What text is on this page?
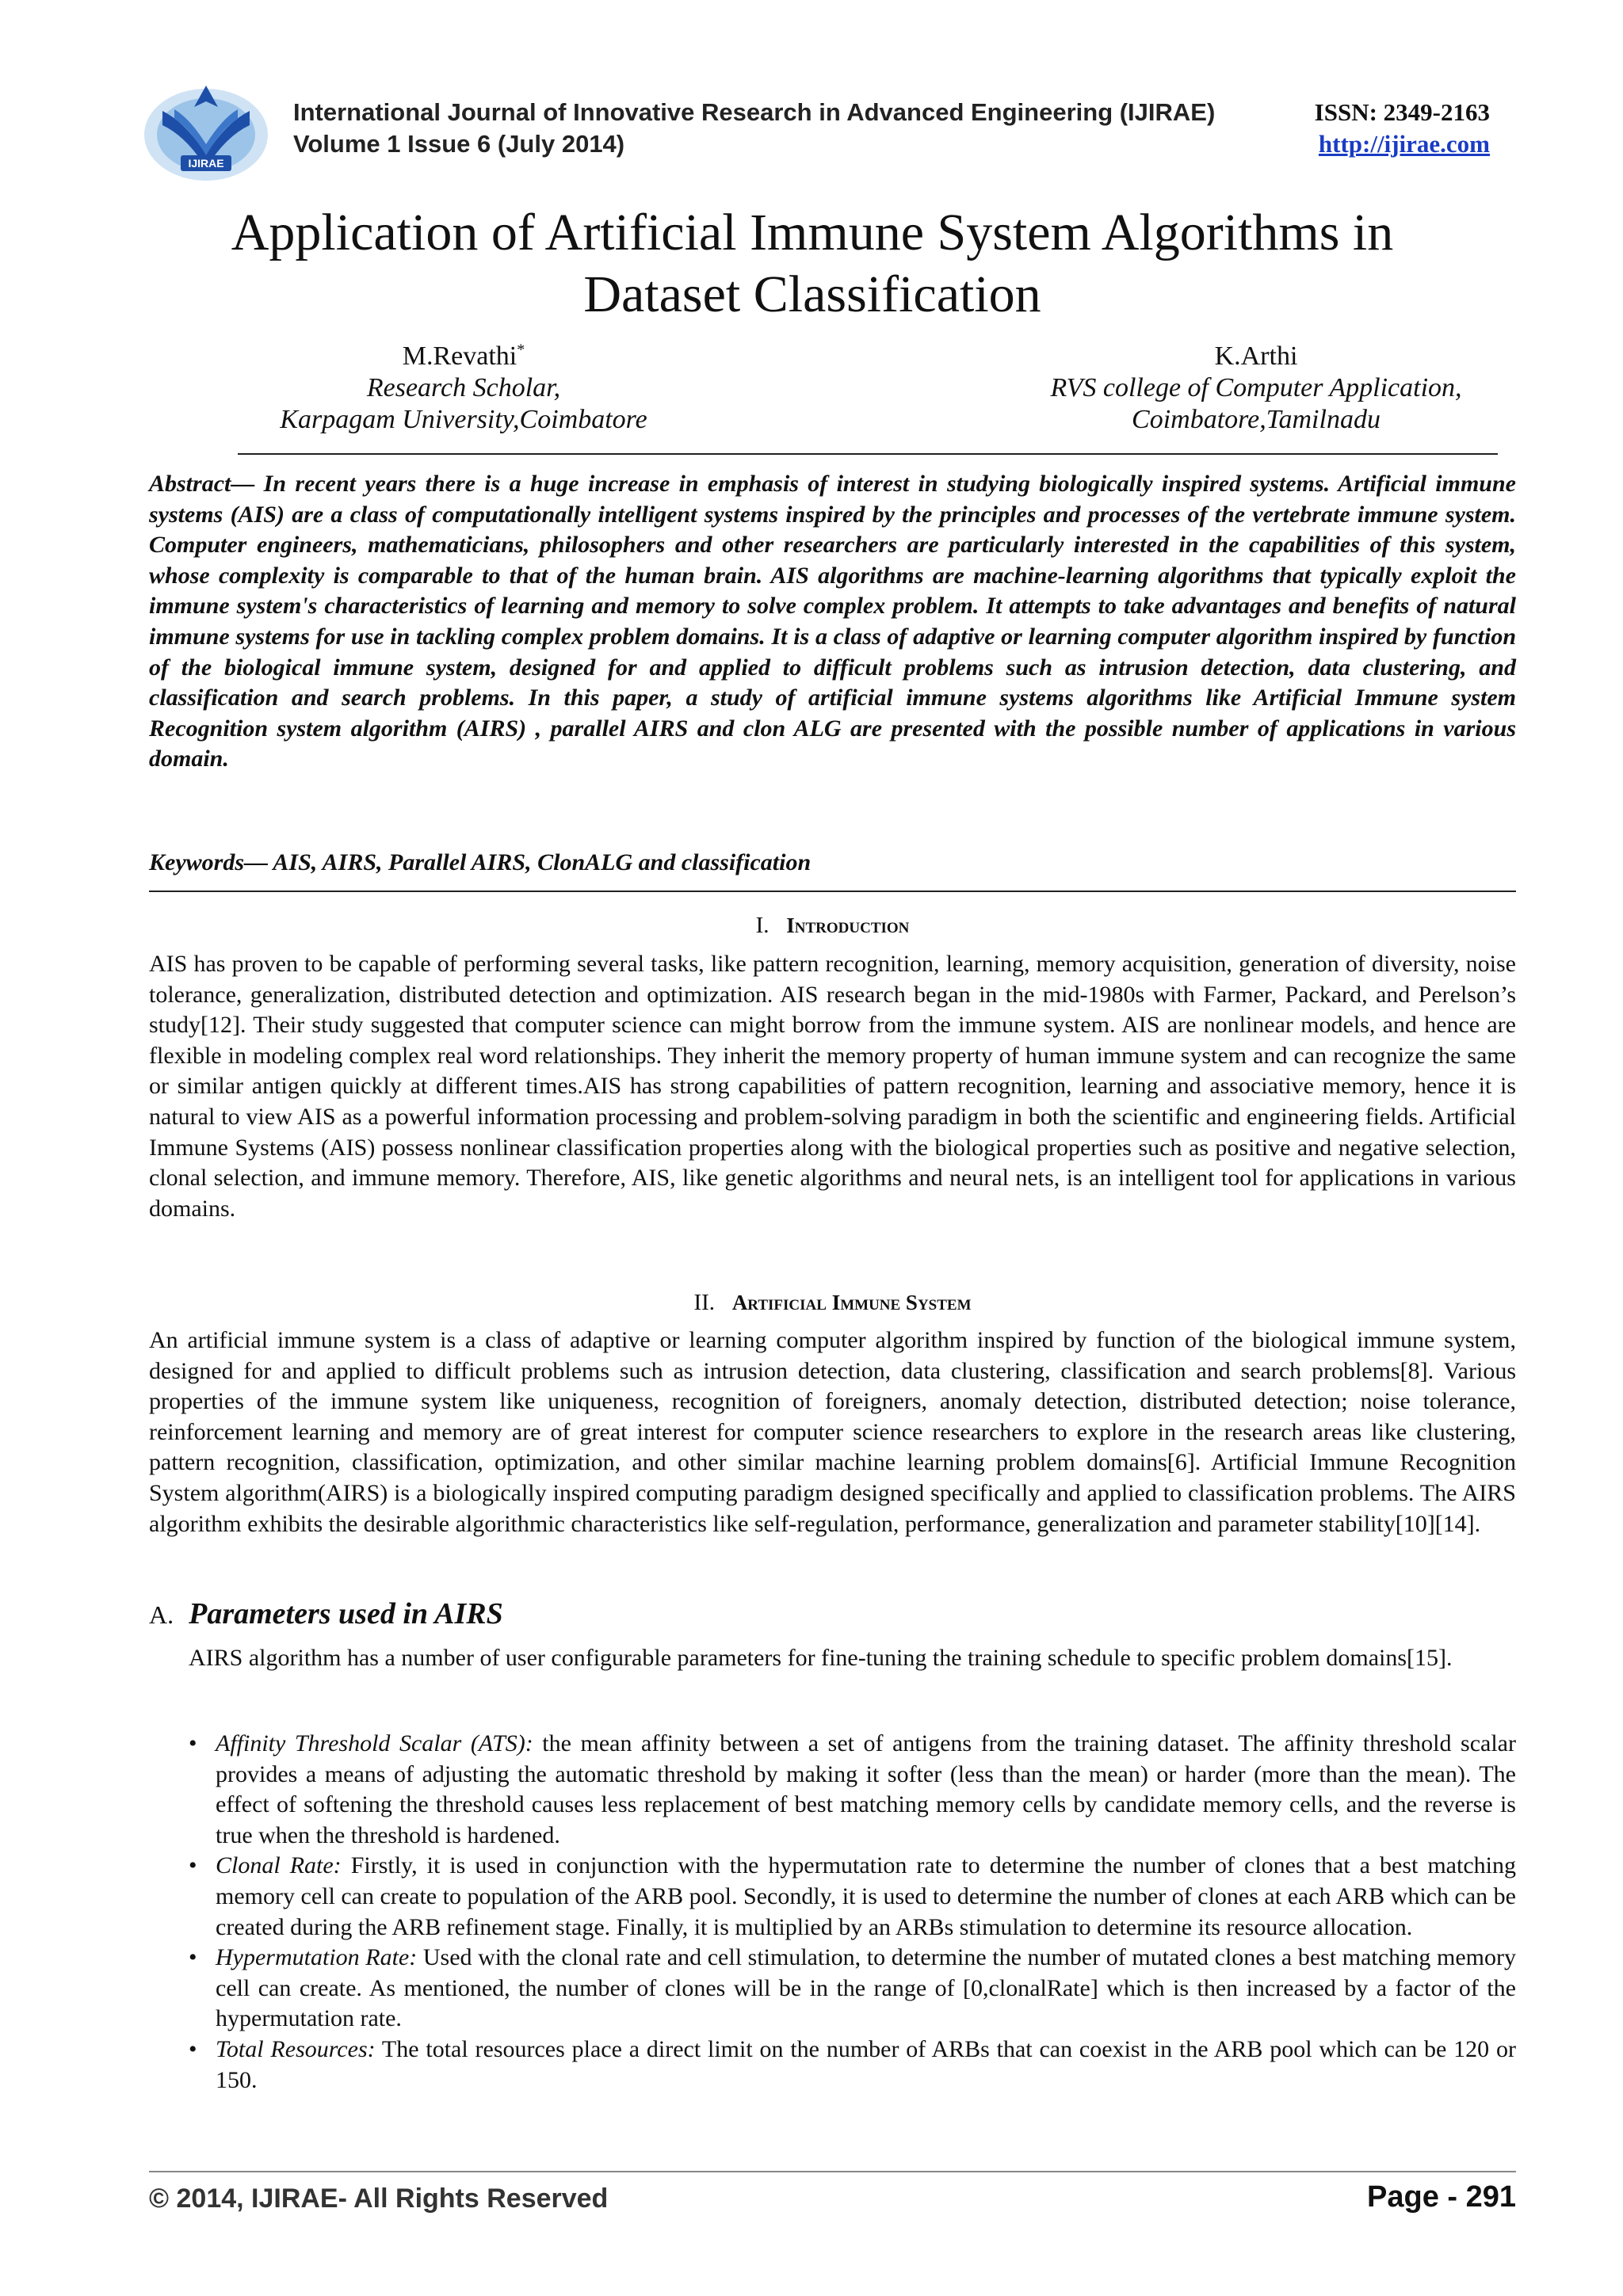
IJIRAE
International Journal of Innovative Research in Advanced Engineering (IJIRAE)
Volume 1 Issue 6 (July 2014)
ISSN: 2349-2163
http://ijirae.com
Application of Artificial Immune System Algorithms in Dataset Classification
M.Revathi*
Research Scholar,
Karpagam University,Coimbatore
K.Arthi
RVS college of Computer Application,
Coimbatore,Tamilnadu
Abstract— In recent years there is a huge increase in emphasis of interest in studying biologically inspired systems. Artificial immune systems (AIS) are a class of computationally intelligent systems inspired by the principles and processes of the vertebrate immune system. Computer engineers, mathematicians, philosophers and other researchers are particularly interested in the capabilities of this system, whose complexity is comparable to that of the human brain. AIS algorithms are machine-learning algorithms that typically exploit the immune system's characteristics of learning and memory to solve complex problem. It attempts to take advantages and benefits of natural immune systems for use in tackling complex problem domains. It is a class of adaptive or learning computer algorithm inspired by function of the biological immune system, designed for and applied to difficult problems such as intrusion detection, data clustering, and classification and search problems. In this paper, a study of artificial immune systems algorithms like Artificial Immune system Recognition system algorithm (AIRS) , parallel AIRS and clon ALG are presented with the possible number of applications in various domain.
Keywords— AIS, AIRS, Parallel AIRS, ClonALG and classification
I. Introduction
AIS has proven to be capable of performing several tasks, like pattern recognition, learning, memory acquisition, generation of diversity, noise tolerance, generalization, distributed detection and optimization. AIS research began in the mid-1980s with Farmer, Packard, and Perelson’s study[12]. Their study suggested that computer science can might borrow from the immune system. AIS are nonlinear models, and hence are flexible in modeling complex real word relationships. They inherit the memory property of human immune system and can recognize the same or similar antigen quickly at different times.AIS has strong capabilities of pattern recognition, learning and associative memory, hence it is natural to view AIS as a powerful information processing and problem-solving paradigm in both the scientific and engineering fields. Artificial Immune Systems (AIS) possess nonlinear classification properties along with the biological properties such as positive and negative selection, clonal selection, and immune memory. Therefore, AIS, like genetic algorithms and neural nets, is an intelligent tool for applications in various domains.
II. Artificial Immune System
An artificial immune system is a class of adaptive or learning computer algorithm inspired by function of the biological immune system, designed for and applied to difficult problems such as intrusion detection, data clustering, classification and search problems[8]. Various properties of the immune system like uniqueness, recognition of foreigners, anomaly detection, distributed detection; noise tolerance, reinforcement learning and memory are of great interest for computer science researchers to explore in the research areas like clustering, pattern recognition, classification, optimization, and other similar machine learning problem domains[6]. Artificial Immune Recognition System algorithm(AIRS) is a biologically inspired computing paradigm designed specifically and applied to classification problems. The AIRS algorithm exhibits the desirable algorithmic characteristics like self-regulation, performance, generalization and parameter stability[10][14].
A. Parameters used in AIRS
AIRS algorithm has a number of user configurable parameters for fine-tuning the training schedule to specific problem domains[15].
• Affinity Threshold Scalar (ATS): the mean affinity between a set of antigens from the training dataset. The affinity threshold scalar provides a means of adjusting the automatic threshold by making it softer (less than the mean) or harder (more than the mean). The effect of softening the threshold causes less replacement of best matching memory cells by candidate memory cells, and the reverse is true when the threshold is hardened.
• Clonal Rate: Firstly, it is used in conjunction with the hypermutation rate to determine the number of clones that a best matching memory cell can create to population of the ARB pool. Secondly, it is used to determine the number of clones at each ARB which can be created during the ARB refinement stage. Finally, it is multiplied by an ARBs stimulation to determine its resource allocation.
• Hypermutation Rate: Used with the clonal rate and cell stimulation, to determine the number of mutated clones a best matching memory cell can create. As mentioned, the number of clones will be in the range of [0,clonalRate] which is then increased by a factor of the hypermutation rate.
• Total Resources: The total resources place a direct limit on the number of ARBs that can coexist in the ARB pool which can be 120 or 150.
© 2014, IJIRAE- All Rights Reserved	Page - 291
